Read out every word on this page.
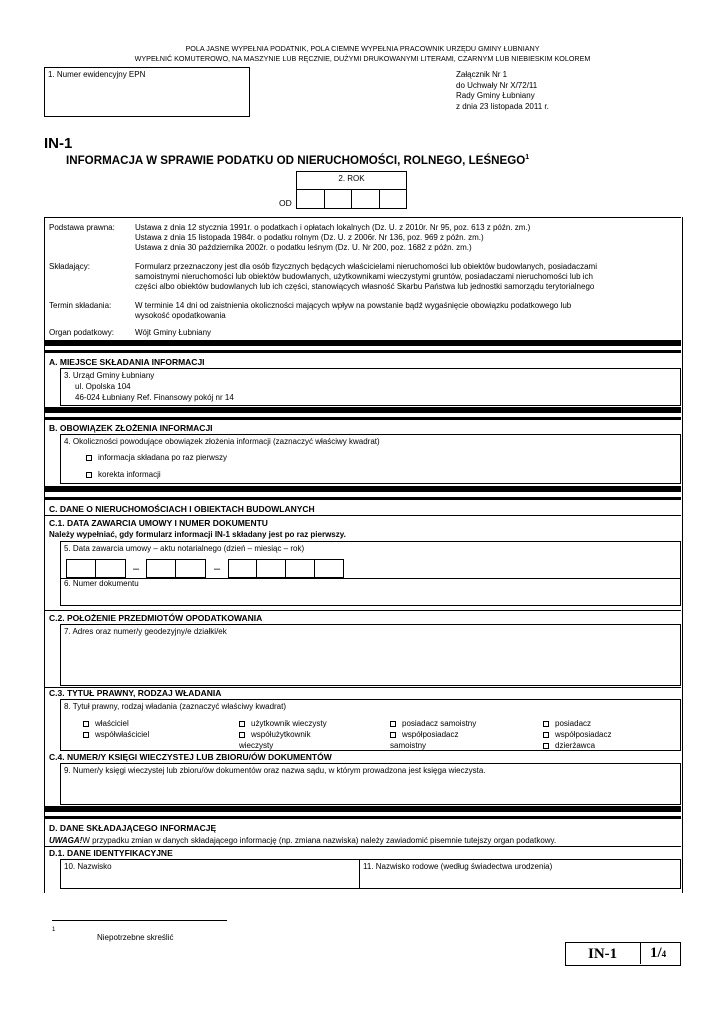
POLA JASNE WYPEŁNIA PODATNIK, POLA CIEMNE WYPEŁNIA PRACOWNIK URZĘDU GMINY ŁUBNIANY
WYPEŁNIĆ KOMUTEROWO, NA MASZYNIE LUB RĘCZNIE, DUŻYMI DRUKOWANYMI LITERAMI, CZARNYM LUB NIEBIESKIM KOLOREM
1. Numer ewidencyjny EPN	Załącznik Nr 1
do Uchwały Nr X/72/11
Rady Gminy Łubniany
z dnia 23 listopada 2011 r.
IN-1
INFORMACJA W SPRAWIE PODATKU OD NIERUCHOMOŚCI, ROLNEGO, LEŚNEGO$^1$
2. ROK
OD
Podstawa prawna:	Ustawa z dnia 12 stycznia 1991r. o podatkach i opłatach lokalnych (Dz. U. z 2010r. Nr 95, poz. 613 z późn. zm.)
Ustawa z dnia 15 listopada 1984r. o podatku rolnym (Dz. U. z 2006r. Nr 136, poz. 969 z późn. zm.)
Ustawa z dnia 30 października 2002r. o podatku leśnym (Dz. U. Nr 200, poz. 1682 z późn. zm.)
Składający:	Formularz przeznaczony jest dla osób fizycznych będących właścicielami nieruchomości lub obiektów budowlanych, posiadaczami
samoistnymi nieruchomości lub obiektów budowlanych, użytkownikami wieczystymi gruntów, posiadaczami nieruchomości lub ich
części albo obiektów budowlanych lub ich części, stanowiących własność Skarbu Państwa lub jednostki samorządu terytorialnego
Termin składania:	W terminie 14 dni od zaistnienia okoliczności mających wpływ na powstanie bądź wygaśnięcie obowiązku podatkowego lub
wysokość opodatkowania
Organ podatkowy:	Wójt Gminy Łubniany
A. MIEJSCE SKŁADANIA INFORMACJI
3. Urząd Gminy Łubniany
ul. Opolska 104
46-024 Łubniany Ref. Finansowy pokój nr 14
B. OBOWIĄZEK ZŁOŻENIA INFORMACJI
4. Okoliczności powodujące obowiązek złożenia informacji (zaznaczyć właściwy kwadrat)
informacja składana po raz pierwszy
korekta informacji
C. DANE O NIERUCHOMOŚCIACH I OBIEKTACH BUDOWLANYCH
C.1. DATA ZAWARCIA UMOWY I NUMER DOKUMENTU
Należy wypełniać, gdy formularz informacji IN-1 składany jest po raz pierwszy.
5. Data zawarcia umowy – aktu notarialnego (dzień – miesiąc – rok)
–	–
6. Numer dokumentu
C.2. POŁOŻENIE PRZEDMIOTÓW OPODATKOWANIA
7. Adres oraz numer/y geodezyjny/e działki/ek
C.3. TYTUŁ PRAWNY, RODZAJ WŁADANIA
8. Tytuł prawny, rodzaj władania (zaznaczyć właściwy kwadrat)
właściciel
współwłaściciel
użytkownik wieczysty
współużytkownik
wieczysty
posiadacz samoistny
współposiadacz
samoistny
posiadacz
współposiadacz
dzierżawca
C.4. NUMER/Y KSIĘGI WIECZYSTEJ LUB ZBIORU/ÓW DOKUMENTÓW
9. Numer/y księgi wieczystej lub zbioru/ów dokumentów oraz nazwa sądu, w którym prowadzona jest księga wieczysta.
D. DANE SKŁADAJĄCEGO INFORMACJĘ
UWAGA!W przypadku zmian w danych składającego informację (np. zmiana nazwiska) należy zawiadomić pisemnie tutejszy organ podatkowy.
D.1. DANE IDENTYFIKACYJNE
10. Nazwisko	11. Nazwisko rodowe (według świadectwa urodzenia)
1
Niepotrzebne skreślić
IN-1 1/4
